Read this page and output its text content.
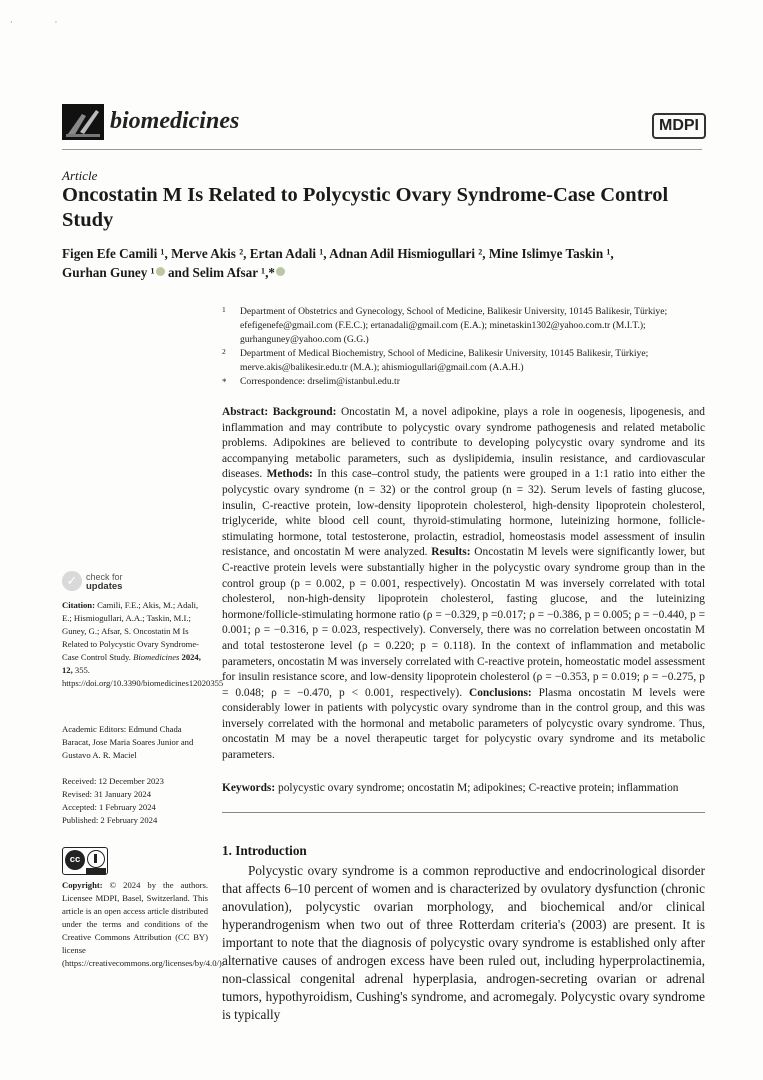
· ·
biomedicines	MDPI
Article
Oncostatin M Is Related to Polycystic Ovary Syndrome-Case Control Study
Figen Efe Camili ¹, Merve Akis ², Ertan Adali ¹, Adnan Adil Hismiogullari ², Mine Islimye Taskin ¹,
Gurhan Guney ¹ and Selim Afsar ¹,*
1 Department of Obstetrics and Gynecology, School of Medicine, Balikesir University, 10145 Balikesir, Türkiye; efefigenefe@gmail.com (F.E.C.); ertanadali@gmail.com (E.A.); minetaskin1302@yahoo.com.tr (M.I.T.); gurhanguney@yahoo.com (G.G.)
2 Department of Medical Biochemistry, School of Medicine, Balikesir University, 10145 Balikesir, Türkiye; merve.akis@balikesir.edu.tr (M.A.); ahismiogullari@gmail.com (A.A.H.)
* Correspondence: drselim@istanbul.edu.tr
Abstract: Background: Oncostatin M, a novel adipokine, plays a role in oogenesis, lipogenesis, and inflammation and may contribute to polycystic ovary syndrome pathogenesis and related metabolic problems. Adipokines are believed to contribute to developing polycystic ovary syndrome and its accompanying metabolic parameters, such as dyslipidemia, insulin resistance, and cardiovascular diseases. Methods: In this case–control study, the patients were grouped in a 1:1 ratio into either the polycystic ovary syndrome (n = 32) or the control group (n = 32). Serum levels of fasting glucose, insulin, C-reactive protein, low-density lipoprotein cholesterol, high-density lipoprotein cholesterol, triglyceride, white blood cell count, thyroid-stimulating hormone, luteinizing hormone, follicle-stimulating hormone, total testosterone, prolactin, estradiol, homeostasis model assessment of insulin resistance, and oncostatin M were analyzed. Results: Oncostatin M levels were significantly lower, but C-reactive protein levels were substantially higher in the polycystic ovary syndrome group than in the control group (p = 0.002, p = 0.001, respectively). Oncostatin M was inversely correlated with total cholesterol, non-high-density lipoprotein cholesterol, fasting glucose, and the luteinizing hormone/follicle-stimulating hormone ratio (ρ = −0.329, p =0.017; ρ = −0.386, p = 0.005; ρ = −0.440, p = 0.001; ρ = −0.316, p = 0.023, respectively). Conversely, there was no correlation between oncostatin M and total testosterone level (ρ = 0.220; p = 0.118). In the context of inflammation and metabolic parameters, oncostatin M was inversely correlated with C-reactive protein, homeostatic model assessment for insulin resistance score, and low-density lipoprotein cholesterol (ρ = −0.353, p = 0.019; ρ = −0.275, p = 0.048; ρ = −0.470, p < 0.001, respectively). Conclusions: Plasma oncostatin M levels were considerably lower in patients with polycystic ovary syndrome than in the control group, and this was inversely correlated with the hormonal and metabolic parameters of polycystic ovary syndrome. Thus, oncostatin M may be a novel therapeutic target for polycystic ovary syndrome and its metabolic parameters.
Keywords: polycystic ovary syndrome; oncostatin M; adipokines; C-reactive protein; inflammation
1. Introduction

Polycystic ovary syndrome is a common reproductive and endocrinological disorder that affects 6–10 percent of women and is characterized by ovulatory dysfunction (chronic anovulation), polycystic ovarian morphology, and biochemical and/or clinical hyperandrogenism when two out of three Rotterdam criteria's (2003) are present. It is important to note that the diagnosis of polycystic ovary syndrome is established only after alternative causes of androgen excess have been ruled out, including hyperprolactinemia, non-classical congenital adrenal hyperplasia, androgen-secreting ovarian or adrenal tumors, hypothyroidism, Cushing's syndrome, and acromegaly. Polycystic ovary syndrome is typically

✓ check for
updates
Citation: Camili, F.E.; Akis, M.; Adali, E.; Hismiogullari, A.A.; Taskin, M.I.; Guney, G.; Afsar, S. Oncostatin M Is Related to Polycystic Ovary Syndrome-Case Control Study. Biomedicines 2024, 12, 355. https://doi.org/10.3390/biomedicines12020355
Academic Editors: Edmund Chada Baracat, Jose Maria Soares Junior and Gustavo A. R. Maciel
Received: 12 December 2023
Revised: 31 January 2024
Accepted: 1 February 2024
Published: 2 February 2024
cc
Copyright: © 2024 by the authors. Licensee MDPI, Basel, Switzerland. This article is an open access article distributed under the terms and conditions of the Creative Commons Attribution (CC BY) license (https://creativecommons.org/licenses/by/4.0/).
